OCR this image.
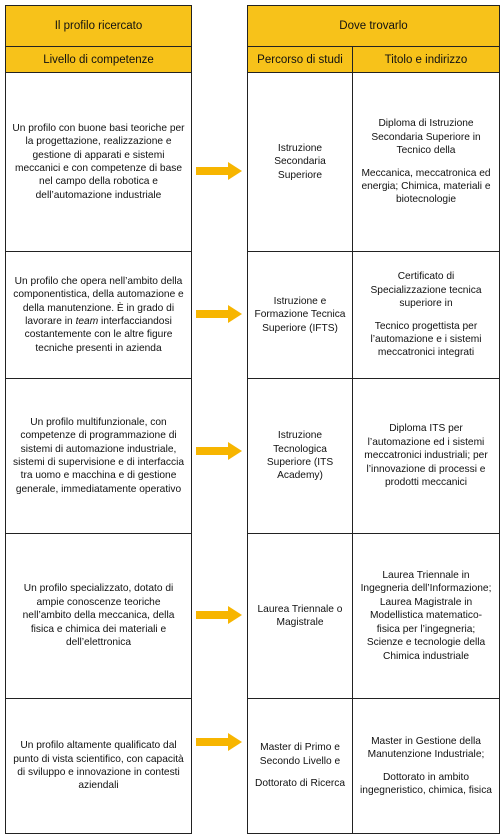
Il profilo ricercato
Livello di competenze
Dove trovarlo
Percorso di studi	Titolo e indirizzo
Un profilo con buone basi teoriche per la progettazione, realizzazione e gestione di apparati e sistemi meccanici e con competenze di base nel campo della robotica e dell’automazione industriale
Istruzione Secondaria Superiore
Diploma di Istruzione Secondaria Superiore in Tecnico della
Meccanica, meccatronica ed energia; Chimica, materiali e biotecnologie
Un profilo che opera nell’ambito della componentistica, della automazione e della manutenzione. È in grado di lavorare in team interfacciandosi costantemente con le altre figure tecniche presenti in azienda
Istruzione e Formazione Tecnica Superiore (IFTS)
Certificato di Specializzazione tecnica superiore in
Tecnico progettista per l’automazione e i sistemi meccatronici integrati
Un profilo multifunzionale, con competenze di programmazione di sistemi di automazione industriale, sistemi di supervisione e di interfaccia tra uomo e macchina e di gestione generale, immediatamente operativo
Istruzione Tecnologica Superiore (ITS Academy)
Diploma ITS per l’automazione ed i sistemi meccatronici industriali; per l’innovazione di processi e prodotti meccanici
Un profilo specializzato, dotato di ampie conoscenze teoriche nell’ambito della meccanica, della fisica e chimica dei materiali e dell’elettronica
Laurea Triennale o Magistrale
Laurea Triennale in Ingegneria dell’Informazione; Laurea Magistrale in Modellistica matematico-fisica per l’ingegneria; Scienze e tecnologie della Chimica industriale
Un profilo altamente qualificato dal punto di vista scientifico, con capacità di sviluppo e innovazione in contesti aziendali
Master di Primo e Secondo Livello e
Dottorato di Ricerca
Master in Gestione della Manutenzione Industriale;
Dottorato in ambito ingegneristico, chimica, fisica
